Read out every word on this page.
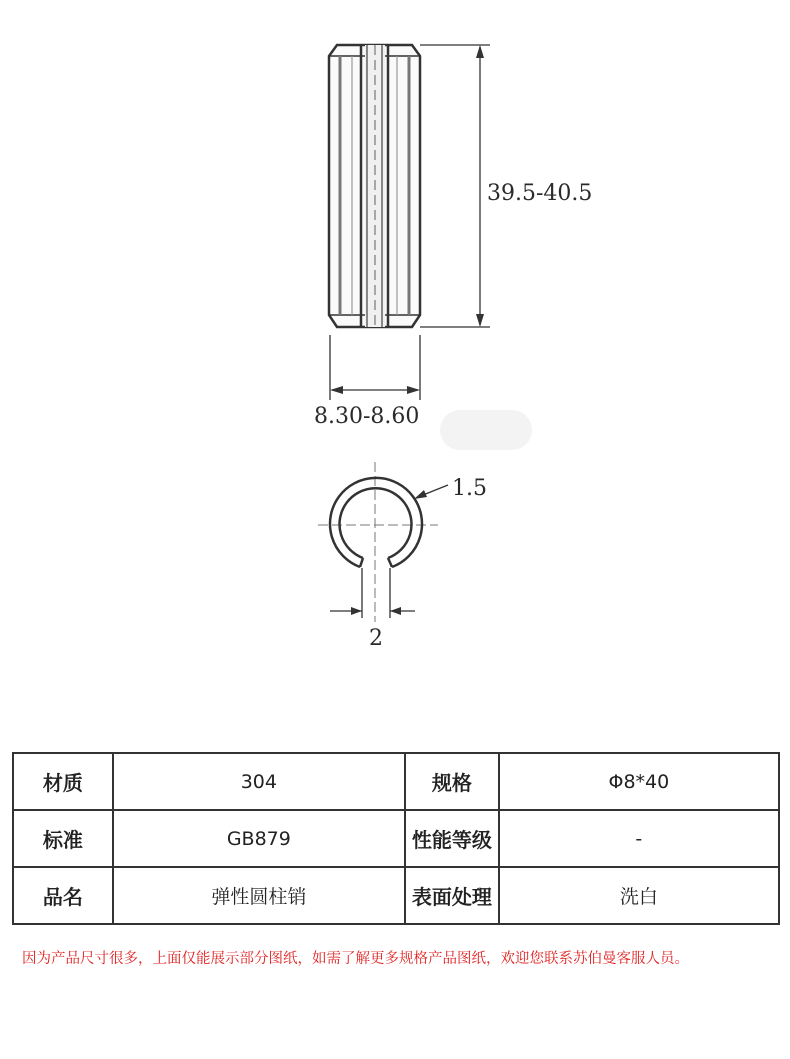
39.5-40.5
8.30-8.60
1.5
2
材质	304	规格	Φ8*40
标准	GB879	性能等级	-
品名	弹性圆柱销	表面处理	洗白
因为产品尺寸很多，上面仅能展示部分图纸，如需了解更多规格产品图纸，欢迎您联系苏伯曼客服人员。
